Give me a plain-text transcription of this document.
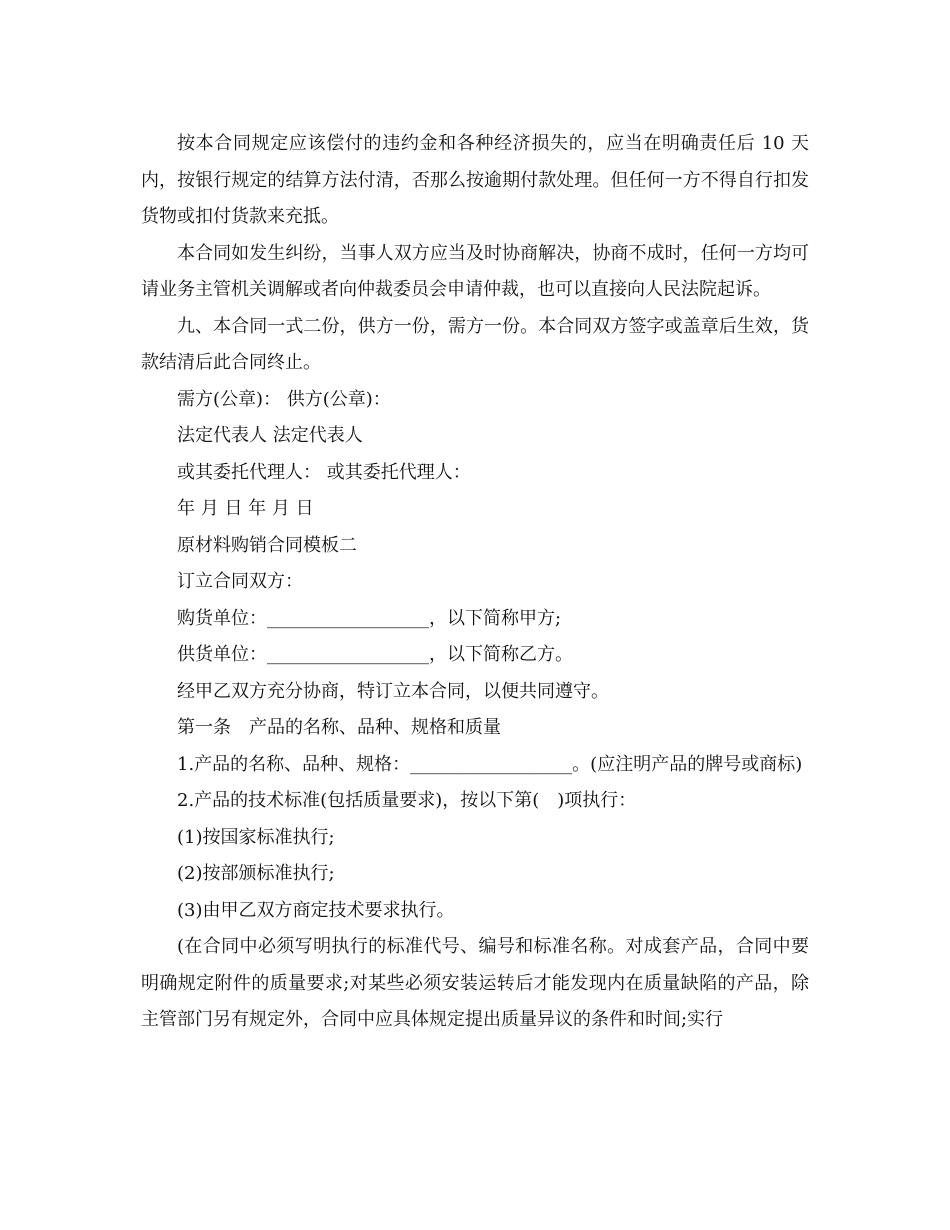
按本合同规定应该偿付的违约金和各种经济损失的，应当在明确责任后 10 天内，按银行规定的结算方法付清，否那么按逾期付款处理。但任何一方不得自行扣发货物或扣付货款来充抵。

本合同如发生纠纷，当事人双方应当及时协商解决，协商不成时，任何一方均可请业务主管机关调解或者向仲裁委员会申请仲裁，也可以直接向人民法院起诉。

九、本合同一式二份，供方一份，需方一份。本合同双方签字或盖章后生效，货款结清后此合同终止。

需方(公章)： 供方(公章)：

法定代表人 法定代表人

或其委托代理人： 或其委托代理人：

年 月 日 年 月 日

原材料购销合同模板二

订立合同双方：

购货单位：__________________，以下简称甲方;

供货单位：__________________，以下简称乙方。

经甲乙双方充分协商，特订立本合同，以便共同遵守。

第一条　产品的名称、品种、规格和质量

1.产品的名称、品种、规格：__________________。(应注明产品的牌号或商标)

2.产品的技术标准(包括质量要求)，按以下第(　)项执行：

(1)按国家标准执行;

(2)按部颁标准执行;

(3)由甲乙双方商定技术要求执行。

(在合同中必须写明执行的标准代号、编号和标准名称。对成套产品，合同中要明确规定附件的质量要求;对某些必须安装运转后才能发现内在质量缺陷的产品，除主管部门另有规定外，合同中应具体规定提出质量异议的条件和时间;实行
